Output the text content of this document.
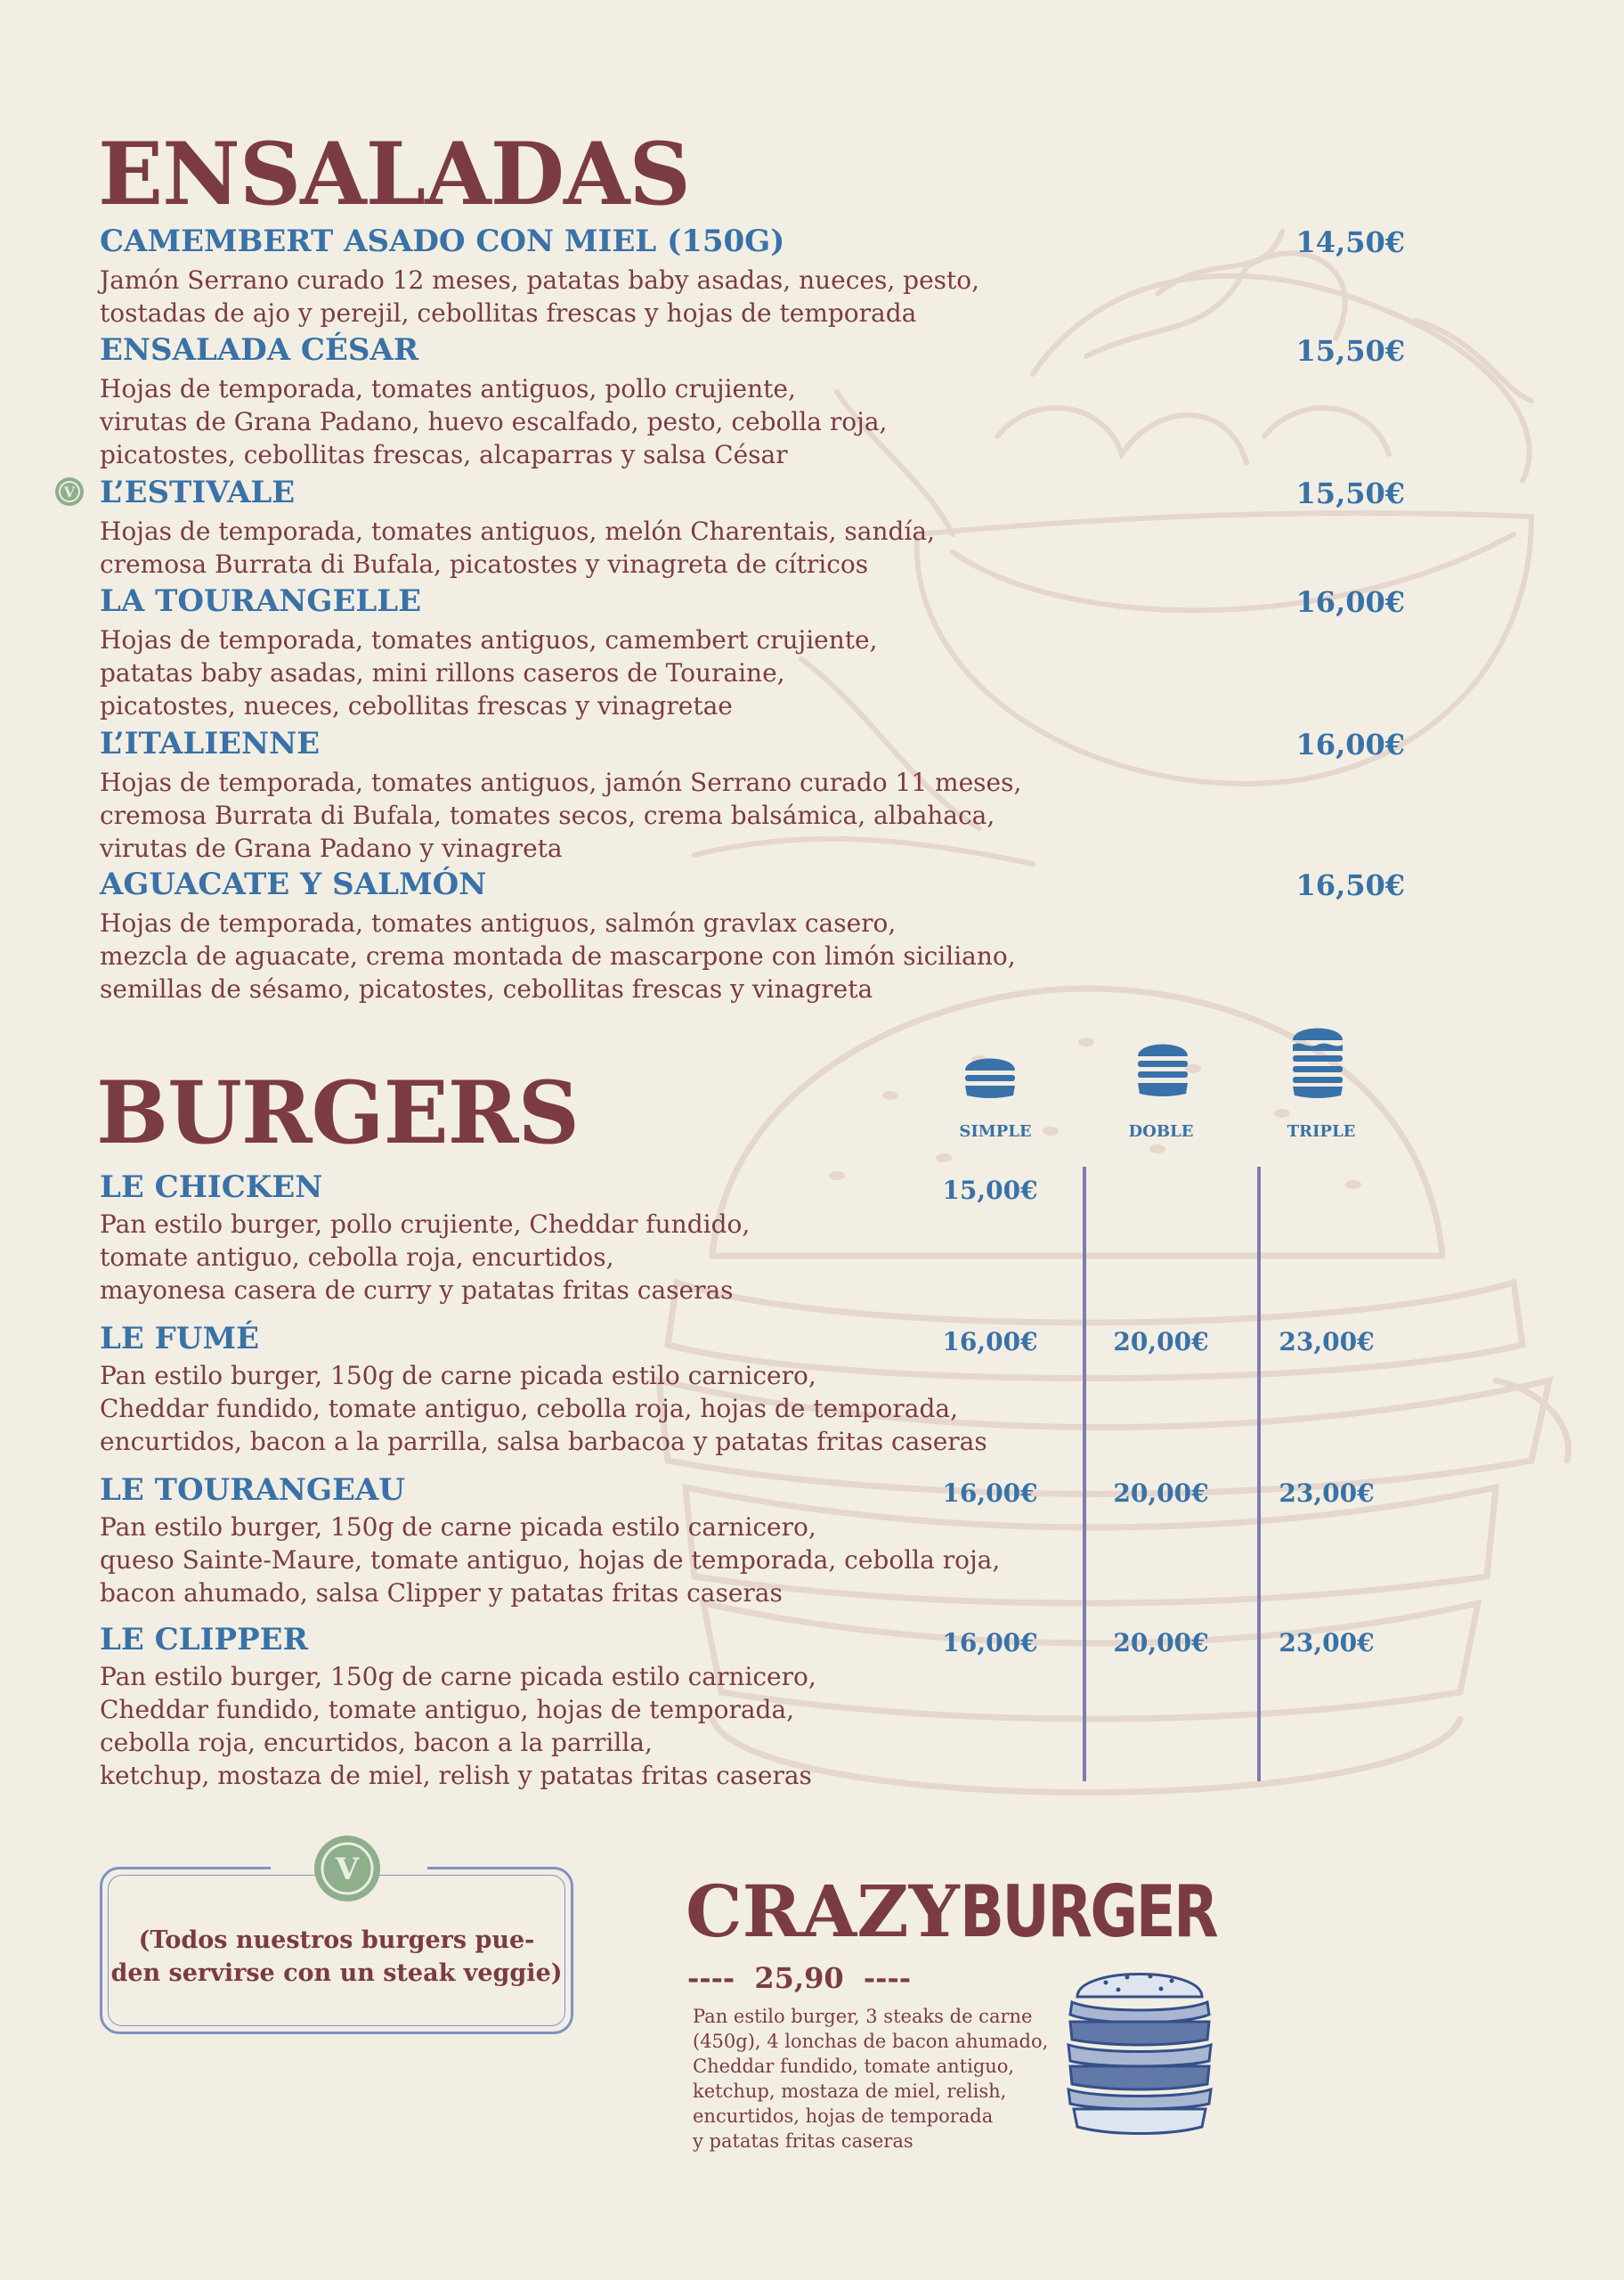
ENSALADAS
CAMEMBERT ASADO CON MIEL (150G)	14,50€
Jamón Serrano curado 12 meses, patatas baby asadas, nueces, pesto,
tostadas de ajo y perejil, cebollitas frescas y hojas de temporada
ENSALADA CÉSAR	15,50€
Hojas de temporada, tomates antiguos, pollo crujiente,
virutas de Grana Padano, huevo escalfado, pesto, cebolla roja,
picatostes, cebollitas frescas, alcaparras y salsa César
L’ESTIVALE	15,50€
V
Hojas de temporada, tomates antiguos, melón Charentais, sandía,
cremosa Burrata di Bufala, picatostes y vinagreta de cítricos
LA TOURANGELLE	16,00€
Hojas de temporada, tomates antiguos, camembert crujiente,
patatas baby asadas, mini rillons caseros de Touraine,
picatostes, nueces, cebollitas frescas y vinagretae
L’ITALIENNE	16,00€
Hojas de temporada, tomates antiguos, jamón Serrano curado 11 meses,
cremosa Burrata di Bufala, tomates secos, crema balsámica, albahaca,
virutas de Grana Padano y vinagreta
AGUACATE Y SALMÓN	16,50€
Hojas de temporada, tomates antiguos, salmón gravlax casero,
mezcla de aguacate, crema montada de mascarpone con limón siciliano,
semillas de sésamo, picatostes, cebollitas frescas y vinagreta
BURGERS	SIMPLE	DOBLE	TRIPLE
LE CHICKEN	15,00€
Pan estilo burger, pollo crujiente, Cheddar fundido,
tomate antiguo, cebolla roja, encurtidos,
mayonesa casera de curry y patatas fritas caseras
LE FUMÉ	16,00€	20,00€	23,00€
Pan estilo burger, 150g de carne picada estilo carnicero,
Cheddar fundido, tomate antiguo, cebolla roja, hojas de temporada,
encurtidos, bacon a la parrilla, salsa barbacoa y patatas fritas caseras
LE TOURANGEAU	16,00€	20,00€	23,00€
Pan estilo burger, 150g de carne picada estilo carnicero,
queso Sainte-Maure, tomate antiguo, hojas de temporada, cebolla roja,
bacon ahumado, salsa Clipper y patatas fritas caseras
LE CLIPPER	16,00€	20,00€	23,00€
Pan estilo burger, 150g de carne picada estilo carnicero,
Cheddar fundido, tomate antiguo, hojas de temporada,
cebolla roja, encurtidos, bacon a la parrilla,
ketchup, mostaza de miel, relish y patatas fritas caseras
V
(Todos nuestros burgers pue-
den servirse con un steak veggie)
CRAZYBURGER
---- 25,90 ----
Pan estilo burger, 3 steaks de carne
(450g), 4 lonchas de bacon ahumado,
Cheddar fundido, tomate antiguo,
ketchup, mostaza de miel, relish,
encurtidos, hojas de temporada
y patatas fritas caseras
